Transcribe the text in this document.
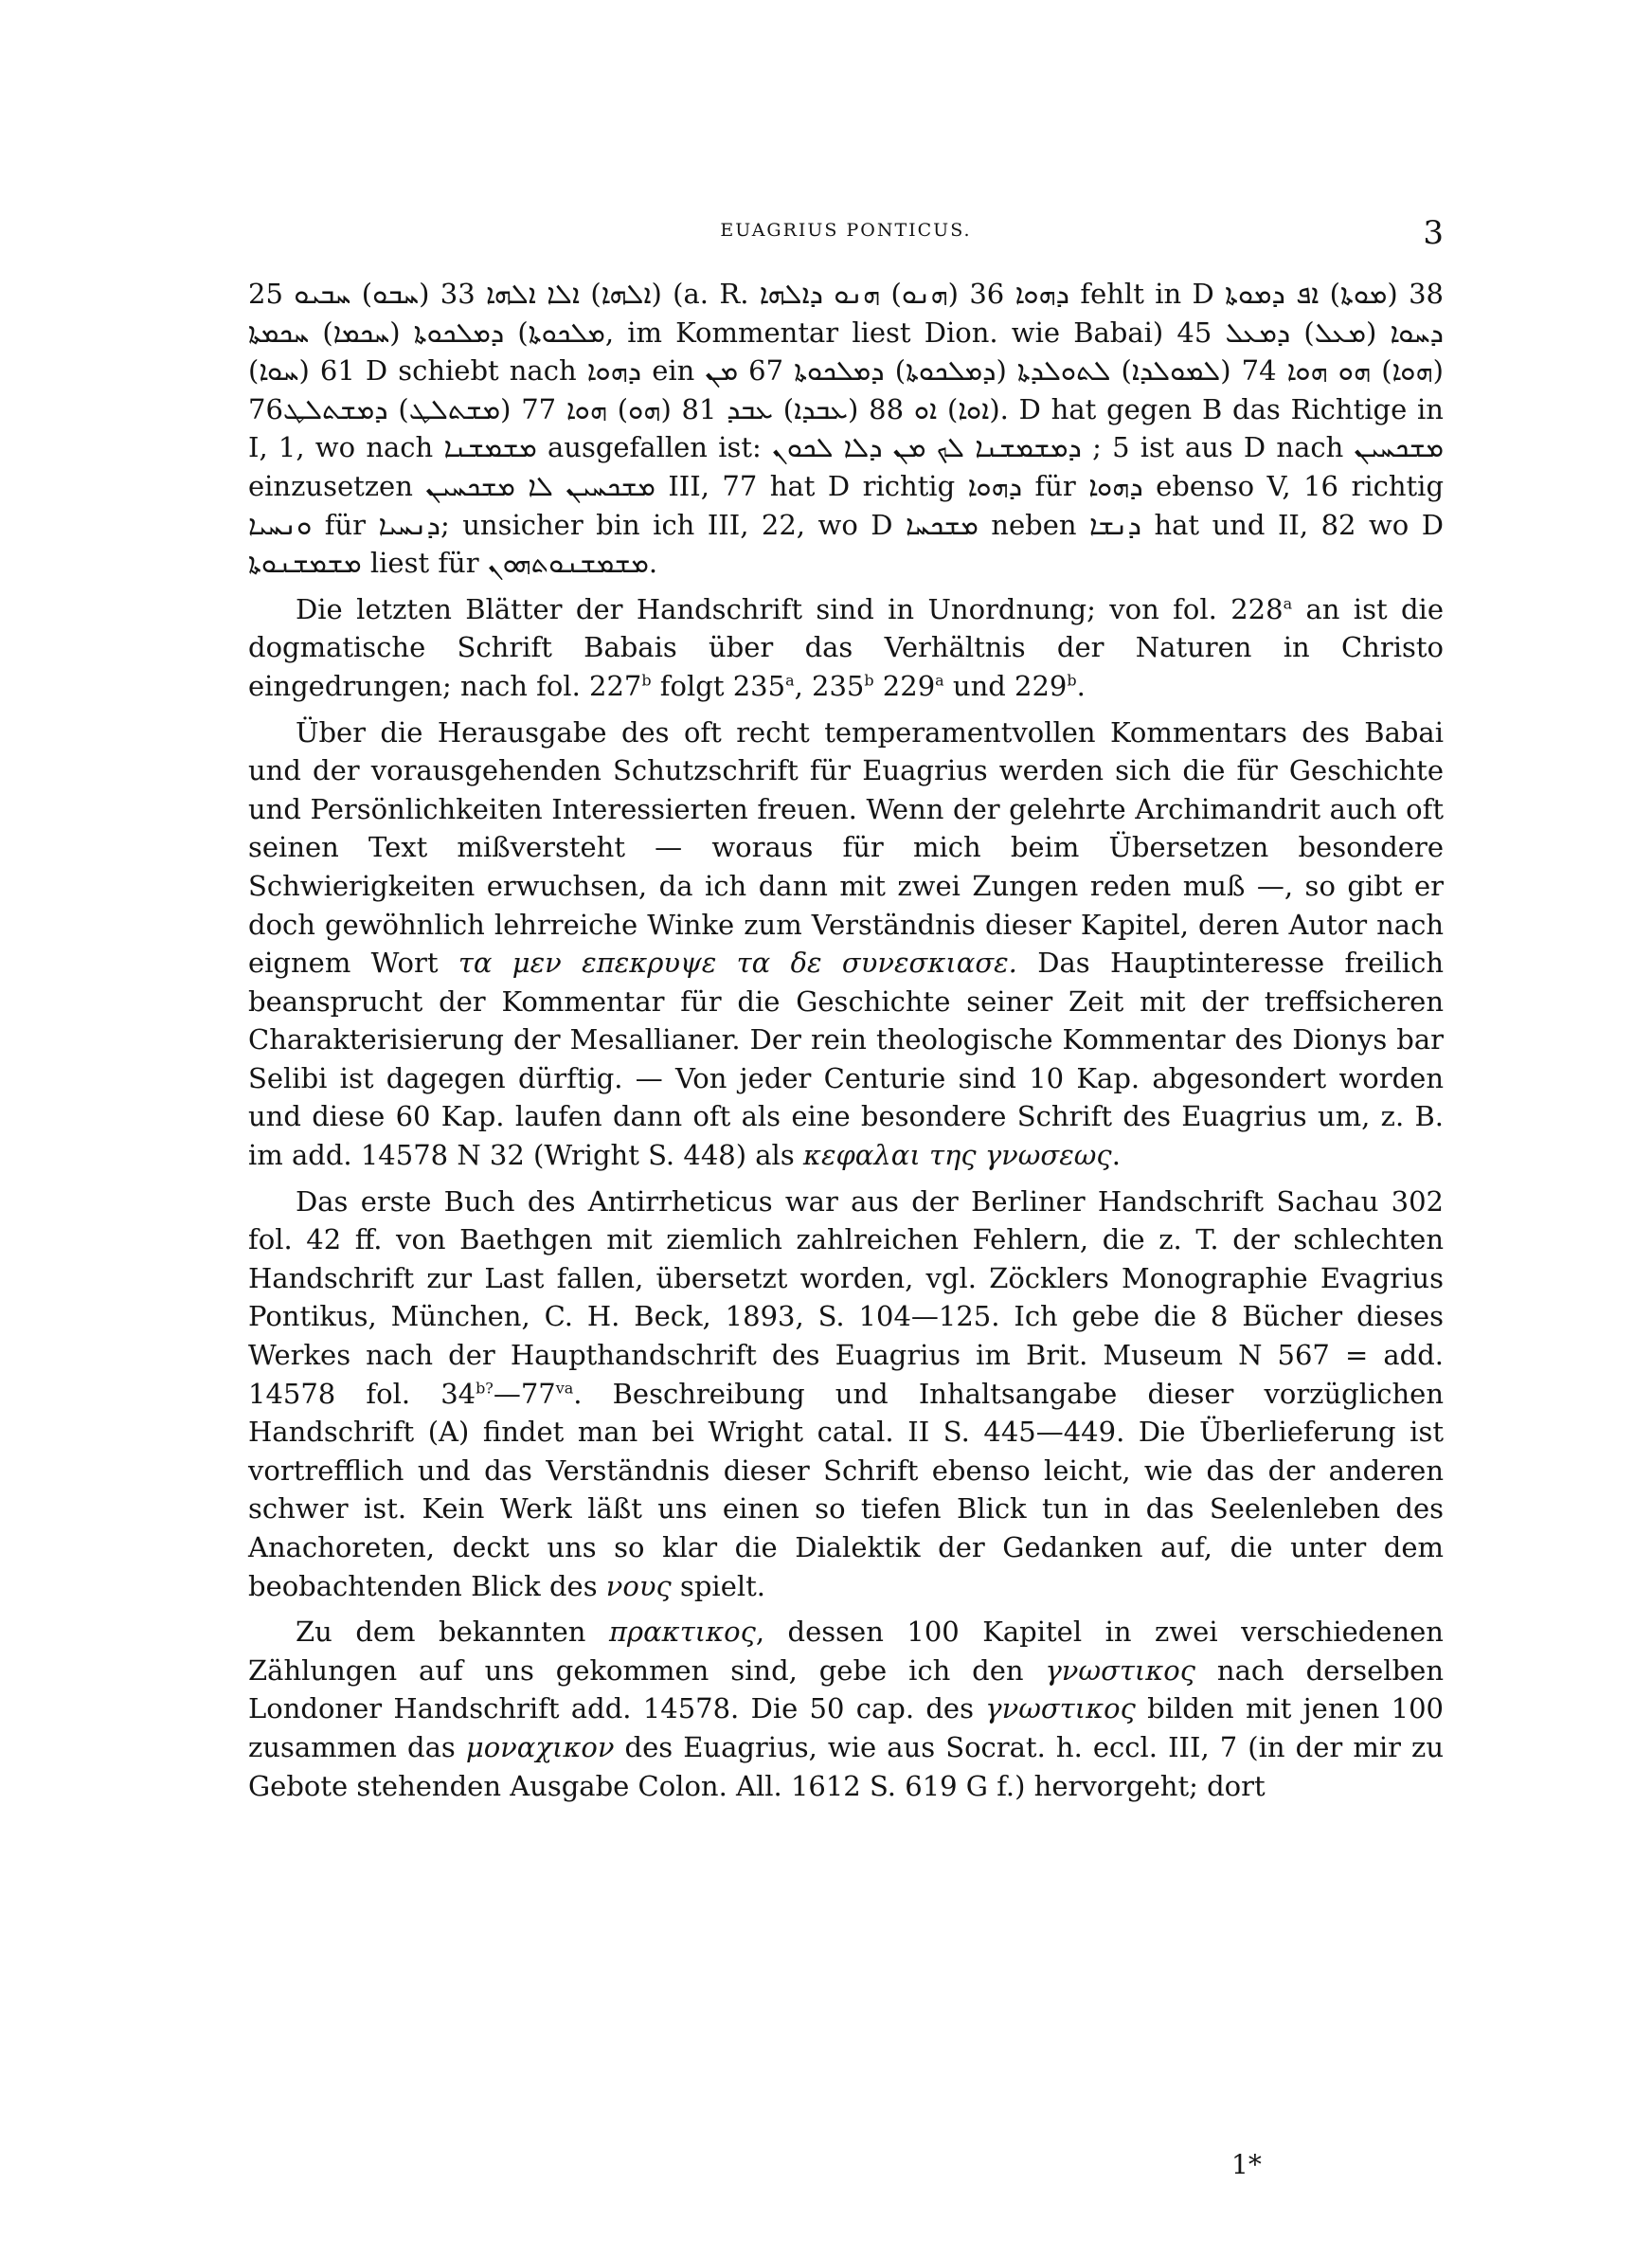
EUAGRIUS PONTICUS.	3

25 ܚܒܝܘ (ܚܒܘ) 33 ܐܠܐ ܐܠܗܐ (ܐܠܗܐ) (a. R. ܗܢܘ ܕܐܠܗܐ (ܗܢܘ) 36 ܕܗܘܐ fehlt in D ܐܦ ܕܡܘܬܐ (ܡܘܬܐ) 38 ܚܟܡܬܐ (ܚܟܡܐ) ܕܡܠܟܘܬܐ (ܡܠܟܘܬܐ, im Kommentar liest Dion. wie Babai) 45 ܕܡܥܠ (ܡܥܠ) ܕܚܘܐ (ܚܘܐ) 61 D schiebt nach ܕܗܘܐ ein ܡܢ 67 ܕܡܠܟܘܬܐ (ܕܡܠܟܘܬܐ) ܠܬܘܠܕܬܐ (ܠܡܘܠܕܐ) 74 ܗܘ ܗܘܐ (ܗܘܐ) 76ܕܡܫܬܠܛ (ܡܫܬܠܛ) 77 ܗܘܐ (ܗܘ) 81 ܥܒܕ (ܥܒܕܐ) 88 ܐܘ (ܐܘܐ). D hat gegen B das Richtige in I, 1, wo nach ܡܫܡܫܢܐ ausgefallen ist: ܕܡܫܡܫܢܐ ܠܟ ܡܢ ܕܠܐ ܠܟܘܢ ; 5 ist aus D nach ܡܫܟܚܝܢ einzusetzen ܡܫܟܚܝܢ ܠܐ ܡܫܟܚܝܢ III, 77 hat D richtig ܕܗܘܐ für ܕܗܘܐ ebenso V, 16 richtig ܘܢܚܝܐ für ܕܢܚܝܐ; unsicher bin ich III, 22, wo D ܡܫܟܚܐ neben ܕܢܫܐ hat und II, 82 wo D ܡܫܡܫܢܘܬܐ liest für ܡܫܡܫܢܘܬܗܘܢ.

Die letzten Blätter der Handschrift sind in Unordnung; von fol. 228$^a$ an ist die dogmatische Schrift Babais über das Verhältnis der Naturen in Christo eingedrungen; nach fol. 227$^b$ folgt 235$^a$, 235$^b$ 229$^a$ und 229$^b$.

Über die Herausgabe des oft recht temperamentvollen Kommentars des Babai und der vorausgehenden Schutzschrift für Euagrius werden sich die für Geschichte und Persönlichkeiten Interessierten freuen. Wenn der gelehrte Archimandrit auch oft seinen Text mißversteht — woraus für mich beim Übersetzen besondere Schwierigkeiten erwuchsen, da ich dann mit zwei Zungen reden muß —, so gibt er doch gewöhnlich lehrreiche Winke zum Verständnis dieser Kapitel, deren Autor nach eignem Wort τα μεν επεκρυψε τα δε συνεσκιασε. Das Hauptinteresse freilich beansprucht der Kommentar für die Geschichte seiner Zeit mit der treffsicheren Charakterisierung der Mesallianer. Der rein theologische Kommentar des Dionys bar Selibi ist dagegen dürftig. — Von jeder Centurie sind 10 Kap. abgesondert worden und diese 60 Kap. laufen dann oft als eine besondere Schrift des Euagrius um, z. B. im add. 14578 N 32 (Wright S. 448) als κεφαλαι της γνωσεως.

Das erste Buch des Antirrheticus war aus der Berliner Handschrift Sachau 302 fol. 42 ff. von Baethgen mit ziemlich zahlreichen Fehlern, die z. T. der schlechten Handschrift zur Last fallen, übersetzt worden, vgl. Zöcklers Monographie Evagrius Pontikus, München, C. H. Beck, 1893, S. 104—125. Ich gebe die 8 Bücher dieses Werkes nach der Haupthandschrift des Euagrius im Brit. Museum N 567 = add. 14578 fol. $34^{b?}—77^{va}$. Beschreibung und Inhaltsangabe dieser vorzüglichen Handschrift (A) findet man bei Wright catal. II S. 445—449. Die Überlieferung ist vortrefflich und das Verständnis dieser Schrift ebenso leicht, wie das der anderen schwer ist. Kein Werk läßt uns einen so tiefen Blick tun in das Seelenleben des Anachoreten, deckt uns so klar die Dialektik der Gedanken auf, die unter dem beobachtenden Blick des νους spielt.

Zu dem bekannten πρακτικος, dessen 100 Kapitel in zwei verschiedenen Zählungen auf uns gekommen sind, gebe ich den γνωστικος nach derselben Londoner Handschrift add. 14578. Die 50 cap. des γνωστικος bilden mit jenen 100 zusammen das μοναχικον des Euagrius, wie aus Socrat. h. eccl. III, 7 (in der mir zu Gebote stehenden Ausgabe Colon. All. 1612 S. 619 G f.) hervorgeht; dort

1*
